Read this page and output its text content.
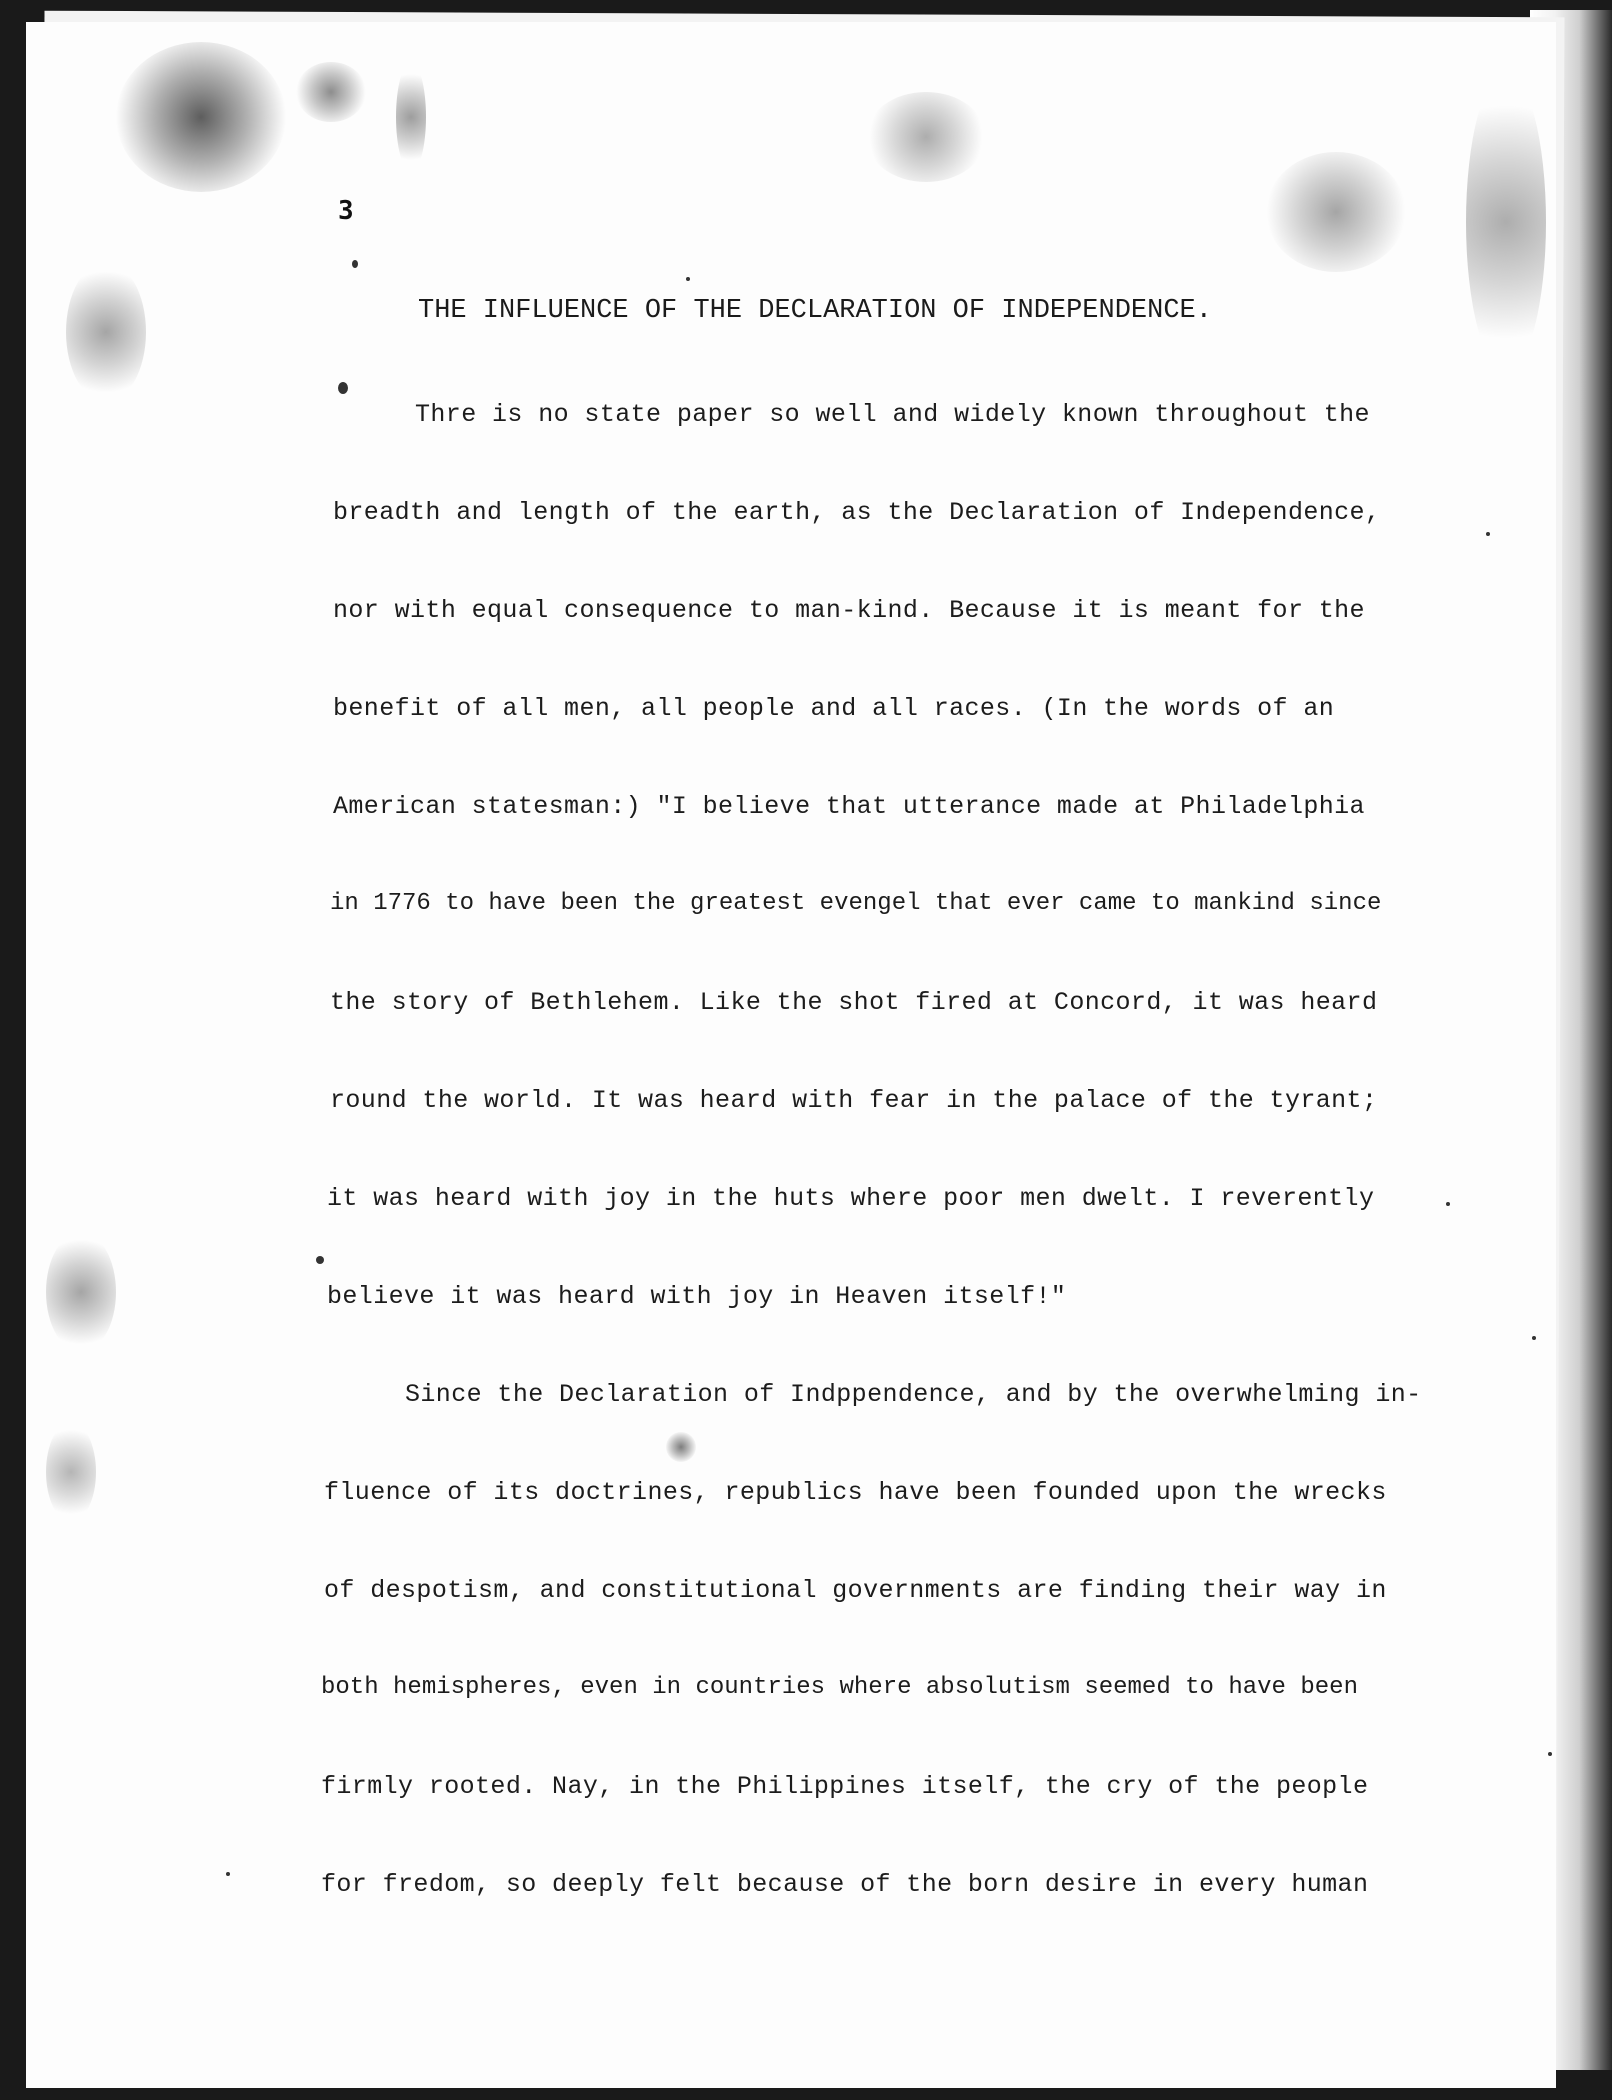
3
THE INFLUENCE OF THE DECLARATION OF INDEPENDENCE.
Thre is no state paper so well and widely known throughout the
breadth and length of the earth, as the Declaration of Independence,
nor with equal consequence to man-kind. Because it is meant for the
benefit of all men, all people and all races. (In the words of an
American statesman:) "I believe that utterance made at Philadelphia
in 1776 to have been the greatest evengel that ever came to mankind since
the story of Bethlehem. Like the shot fired at Concord, it was heard
round the world. It was heard with fear in the palace of the tyrant;
it was heard with joy in the huts where poor men dwelt. I reverently
believe it was heard with joy in Heaven itself!"
Since the Declaration of Indppendence, and by the overwhelming in-
fluence of its doctrines, republics have been founded upon the wrecks
of despotism, and constitutional governments are finding their way in
both hemispheres, even in countries where absolutism seemed to have been
firmly rooted. Nay, in the Philippines itself, the cry of the people
for fredom, so deeply felt because of the born desire in every human
